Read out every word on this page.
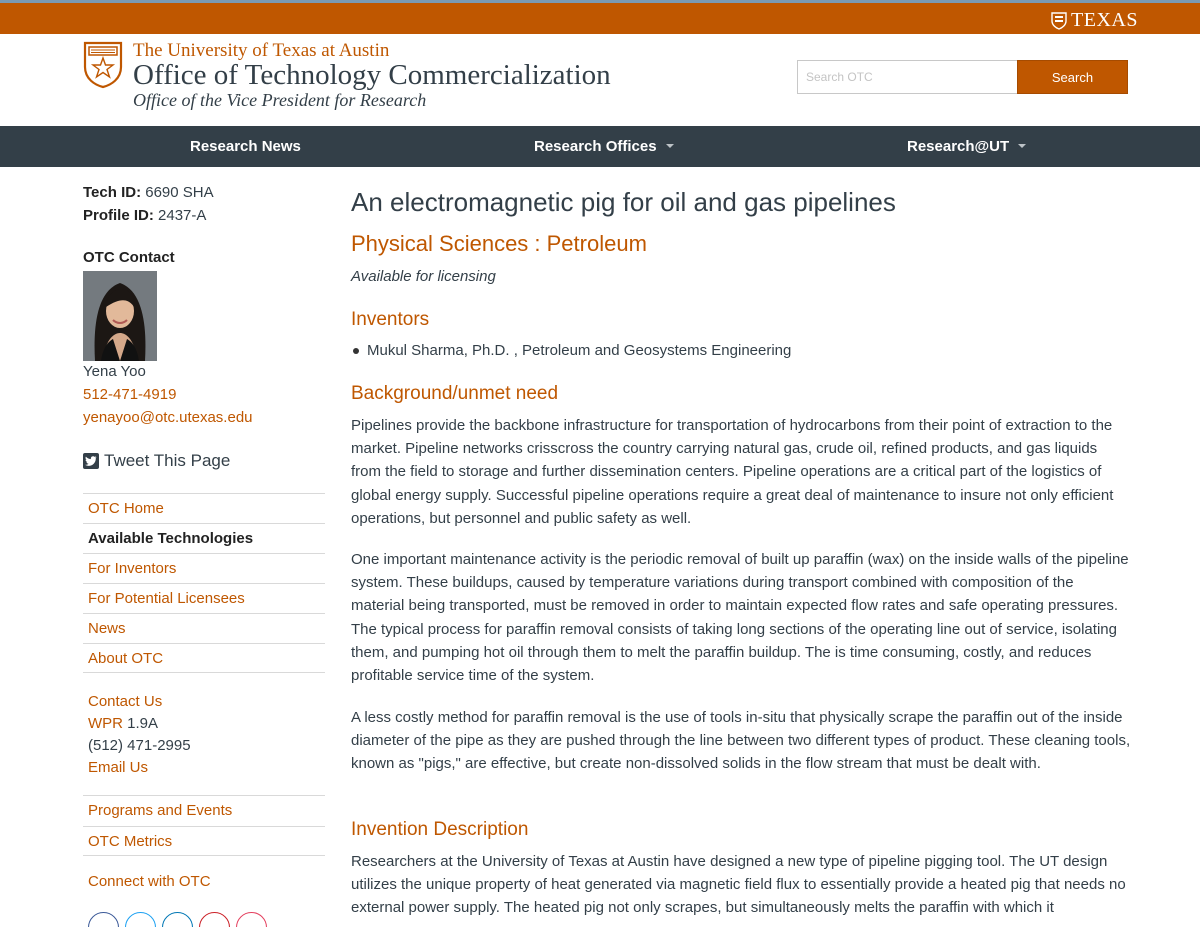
TEXAS
The University of Texas at Austin
Office of Technology Commercialization
Office of the Vice President for Research
Search OTC
Search
Research News	Research Offices	Research@UT
Tech ID: 6690 SHA
Profile ID: 2437-A
OTC Contact
Yena Yoo
512-471-4919
yenayoo@otc.utexas.edu
Tweet This Page
OTC Home
Available Technologies
For Inventors
For Potential Licensees
News
About OTC
Contact Us
WPR 1.9A
(512) 471-2995
Email Us
Programs and Events
OTC Metrics
Connect with OTC
An electromagnetic pig for oil and gas pipelines
Physical Sciences : Petroleum
Available for licensing
Inventors
Mukul Sharma, Ph.D. , Petroleum and Geosystems Engineering
Background/unmet need

Pipelines provide the backbone infrastructure for transportation of hydrocarbons from their point of extraction to the market. Pipeline networks crisscross the country carrying natural gas, crude oil, refined products, and gas liquids from the field to storage and further dissemination centers. Pipeline operations are a critical part of the logistics of global energy supply. Successful pipeline operations require a great deal of maintenance to insure not only efficient operations, but personnel and public safety as well.

One important maintenance activity is the periodic removal of built up paraffin (wax) on the inside walls of the pipeline system. These buildups, caused by temperature variations during transport combined with composition of the material being transported, must be removed in order to maintain expected flow rates and safe operating pressures. The typical process for paraffin removal consists of taking long sections of the operating line out of service, isolating them, and pumping hot oil through them to melt the paraffin buildup. The is time consuming, costly, and reduces profitable service time of the system.

A less costly method for paraffin removal is the use of tools in-situ that physically scrape the paraffin out of the inside diameter of the pipe as they are pushed through the line between two different types of product. These cleaning tools, known as "pigs," are effective, but create non-dissolved solids in the flow stream that must be dealt with.

Invention Description

Researchers at the University of Texas at Austin have designed a new type of pipeline pigging tool. The UT design utilizes the unique property of heat generated via magnetic field flux to essentially provide a heated pig that needs no external power supply. The heated pig not only scrapes, but simultaneously melts the paraffin with which it
